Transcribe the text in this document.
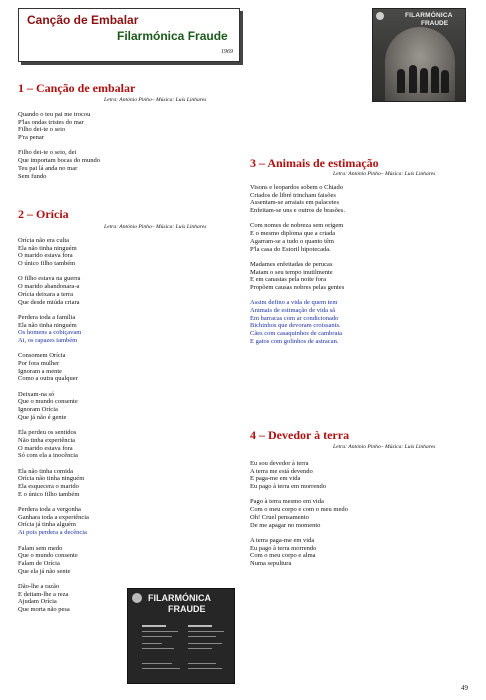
Canção de Embalar
Filarmónica Fraude
1969
FILARMÓNICA
FRAUDE
1 – Canção de embalar
Letra: António Pinho– Música: Luís Linhares
Quando o teu pai me trocou
P'las ondas tristes do mar
Filho dei-te o seio
P'ra penar
Filho dei-te o seio, dei
Que importam bocas do mundo
Teu pai lá anda no mar
Sem fundo
2 – Orícia
Letra: António Pinho– Música: Luís Linhares
Orícia não era culta
Ela não tinha ninguém
O marido estava fora
O único filho também
O filho estava na guerra
O marido abandonara-a
Orícia deixara a terra
Que desde miúda criara
Perdera toda a família
Ela não tinha ninguém
Os homens a cobiçavam
Ai, os rapazes também
Consomem Orícia
Por fora mulher
Ignoram a mente
Como a outra qualquer
Deixam-na só
Que o mundo consente
Ignoram Orícia
Que já não é gente
Ela perdeu os sentidos
Não tinha experiência
O marido estava fora
Só com ela a inocência
Ela não tinha comida
Orícia não tinha ninguém
Ela esquecera o marido
E o único filho também
Perdera toda a vergonha
Ganhara toda a experiência
Orícia já tinha alguém
Ai pois perdera a decência
Falam sem medo
Que o mundo consente
Falam de Orícia
Que ela já não sente
Dão-lhe a razão
E deitam-lhe a reza
Ajudam Orícia
Que morta não pesa
3 – Animais de estimação
Letra: António Pinho– Música: Luís Linhares
Visons e leopardos sobem o Chiado
Criados de libré trincham faisões
Assentam-se arraiais em palacetes
Enfeitam-se uns e outros de brasões.
Com nomes de nobreza sem origem
E o mesmo diploma que a criada
Agarram-se a tudo o quanto têm
P'la casa do Estoril hipotecada.
Madames enfeitadas de perucas
Matam o seu tempo inutilmente
E em canastas pela noite fora
Propõem causas nobres pelas gentes
Assim defino a vida de quem tem
Animais de estimação de vida sã
Em barracas com ar condicionado
Bichinhos que devoram croissants.
Cães com casaquinhos de cambraia
E gatos com golinhos de astracan.
4 – Devedor à terra
Letra: António Pinho– Música: Luís Linhares
Eu sou devedor à terra
A terra me está devendo
E paga-me em vida
Eu pago à terra em morrendo
Pago à terra mesmo em vida
Com o meu corpo e com o meu medo
Oh! Cruel pensamento
De me apagar no momento
A terra paga-me em vida
Eu pago à terra morrendo
Com o meu corpo e alma
Numa sepultura
FILARMÓNICA
FRAUDE
49
